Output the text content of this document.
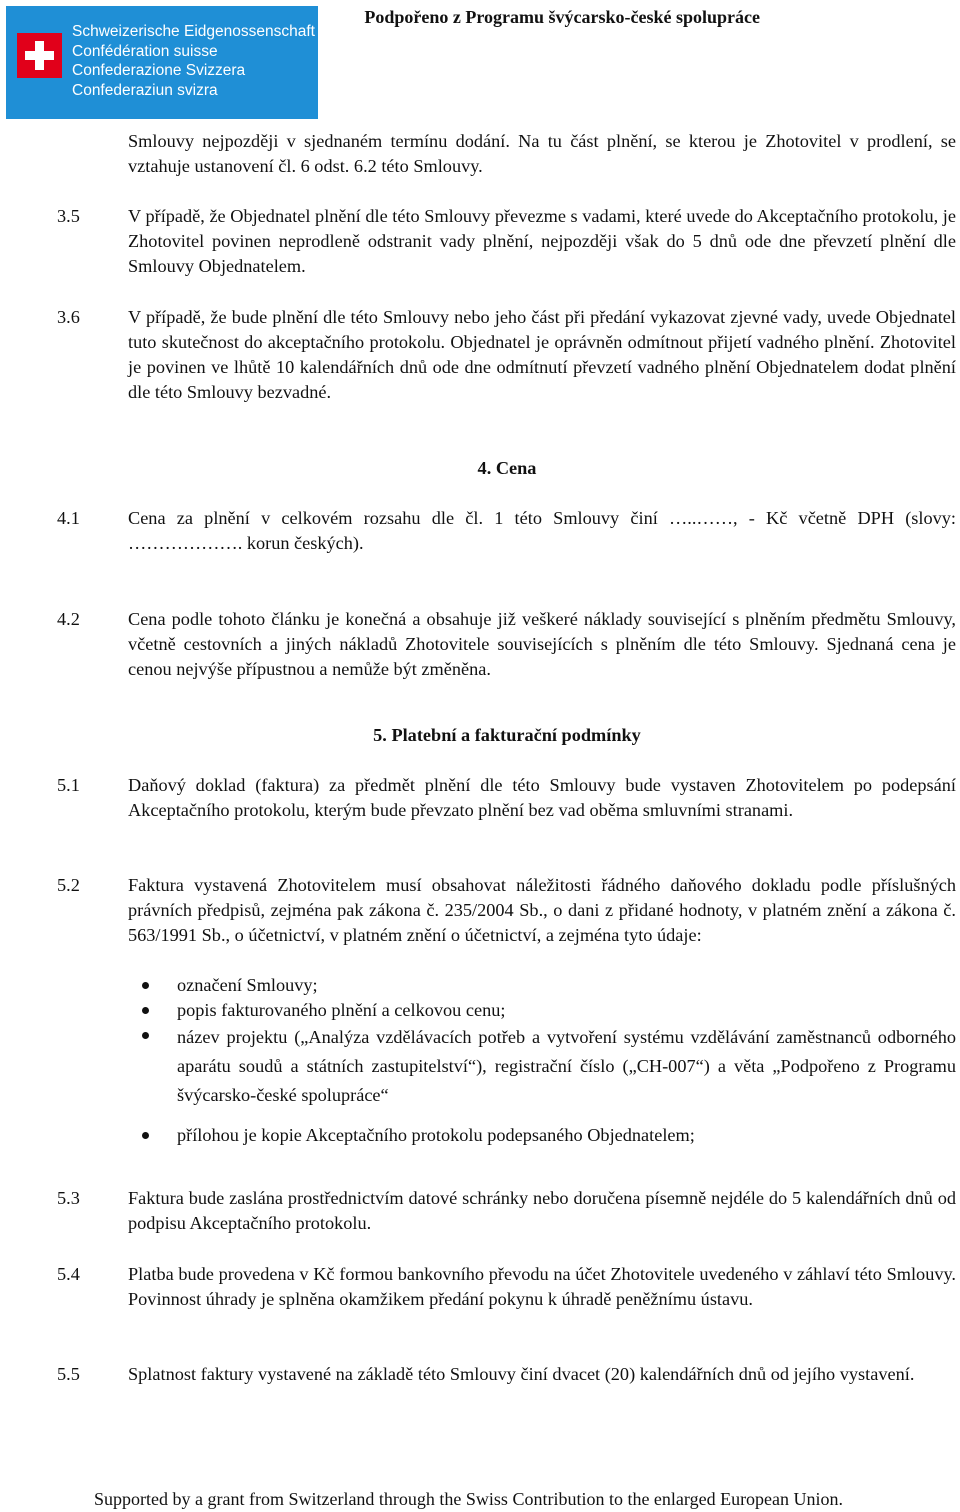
Schweizerische Eidgenossenschaft
Confédération suisse
Confederazione Svizzera
Confederaziun svizra
Podpořeno z Programu švýcarsko-české spolupráce
Smlouvy nejpozději v sjednaném termínu dodání. Na tu část plnění, se kterou je Zhotovitel v prodlení, se vztahuje ustanovení čl. 6 odst. 6.2 této Smlouvy.
3.5	V případě, že Objednatel plnění dle této Smlouvy převezme s vadami, které uvede do Akceptačního protokolu, je Zhotovitel povinen neprodleně odstranit vady plnění, nejpozději však do 5 dnů ode dne převzetí plnění dle Smlouvy Objednatelem.
3.6	V případě, že bude plnění dle této Smlouvy nebo jeho část při předání vykazovat zjevné vady, uvede Objednatel tuto skutečnost do akceptačního protokolu. Objednatel je oprávněn odmítnout přijetí vadného plnění. Zhotovitel je povinen ve lhůtě 10 kalendářních dnů ode dne odmítnutí převzetí vadného plnění Objednatelem dodat plnění dle této Smlouvy bezvadné.
4. Cena
4.1	Cena za plnění v celkovém rozsahu dle čl. 1 této Smlouvy činí …..……, - Kč včetně DPH (slovy: ………………. korun českých).
4.2	Cena podle tohoto článku je konečná a obsahuje již veškeré náklady související s plněním předmětu Smlouvy, včetně cestovních a jiných nákladů Zhotovitele souvisejících s plněním dle této Smlouvy. Sjednaná cena je cenou nejvýše přípustnou a nemůže být změněna.
5. Platební a fakturační podmínky
5.1	Daňový doklad (faktura) za předmět plnění dle této Smlouvy bude vystaven Zhotovitelem po podepsání Akceptačního protokolu, kterým bude převzato plnění bez vad oběma smluvními stranami.
5.2	Faktura vystavená Zhotovitelem musí obsahovat náležitosti řádného daňového dokladu podle příslušných právních předpisů, zejména pak zákona č. 235/2004 Sb., o dani z přidané hodnoty, v platném znění a zákona č. 563/1991 Sb., o účetnictví, v platném znění o účetnictví, a zejména tyto údaje:
označení Smlouvy;
popis fakturovaného plnění a celkovou cenu;
název projektu („Analýza vzdělávacích potřeb a vytvoření systému vzdělávání zaměstnanců odborného aparátu soudů a státních zastupitelství“), registrační číslo („CH-007“) a věta „Podpořeno z Programu švýcarsko-české spolupráce“
přílohou je kopie Akceptačního protokolu podepsaného Objednatelem;
5.3	Faktura bude zaslána prostřednictvím datové schránky nebo doručena písemně nejdéle do 5 kalendářních dnů od podpisu Akceptačního protokolu.
5.4	Platba bude provedena v Kč formou bankovního převodu na účet Zhotovitele uvedeného v záhlaví této Smlouvy. Povinnost úhrady je splněna okamžikem předání pokynu k úhradě peněžnímu ústavu.
5.5	Splatnost faktury vystavené na základě této Smlouvy činí dvacet (20) kalendářních dnů od jejího vystavení.
Supported by a grant from Switzerland through the Swiss Contribution to the enlarged European Union.
